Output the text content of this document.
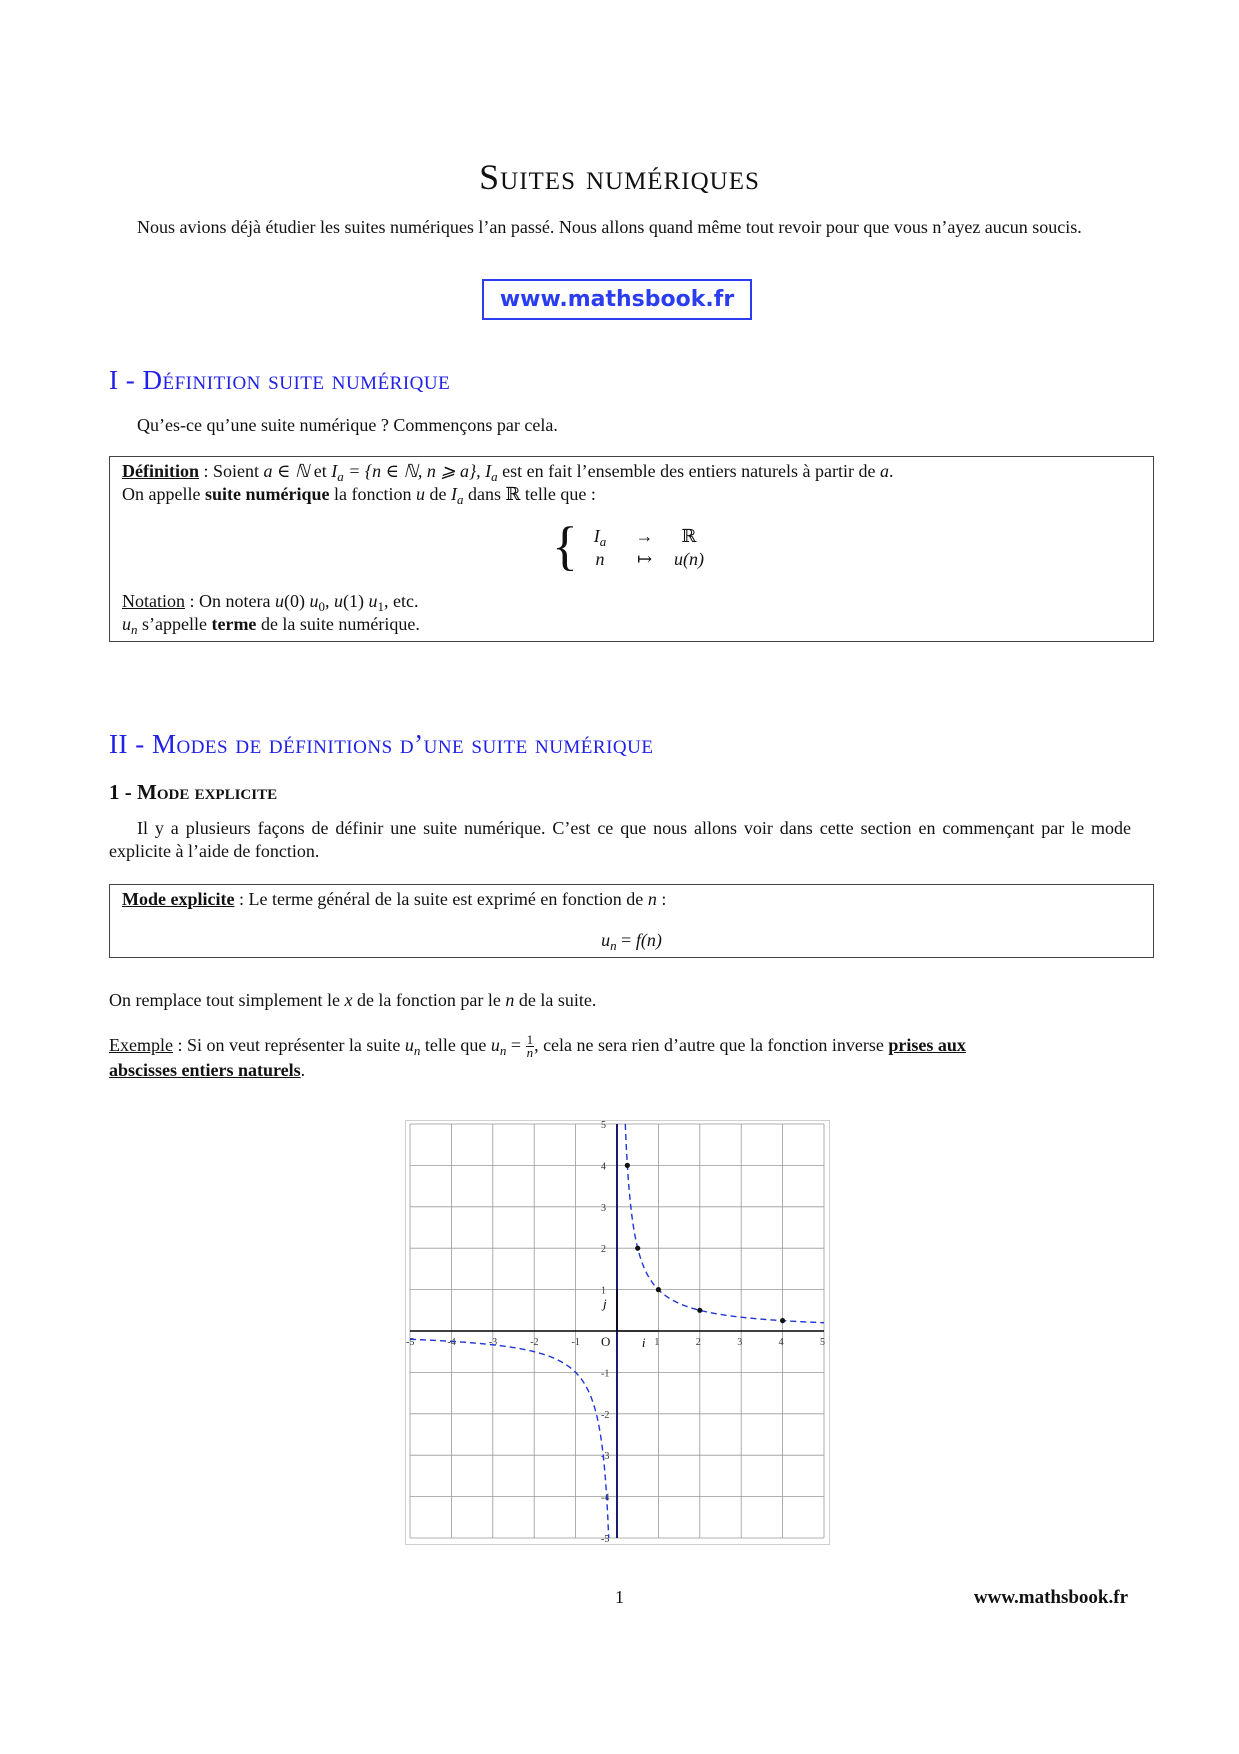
Suites numériques
Nous avions déjà étudier les suites numériques l’an passé. Nous allons quand même tout revoir pour que vous n’ayez aucun soucis.
www.mathsbook.fr
I - Définition suite numérique
Qu’es-ce qu’une suite numérique ? Commençons par cela.
Définition : Soient a ∈ ℕ et $I_a = \{n$ ∈ ℕ, n ⩾ a}, $I_a$ est en fait l’ensemble des entiers naturels à partir de a.
On appelle suite numérique la fonction u de $I_a$ dans ℝ telle que :
{ $I_a$ → ℝ
n ↦ u(n)
Notation : On notera u(0) $u_0$, u(1) $u_1$, etc.
$u_n$ s’appelle terme de la suite numérique.
II - Modes de définitions d’une suite numérique
1 - Mode explicite
Il y a plusieurs façons de définir une suite numérique. C’est ce que nous allons voir dans cette section en commençant par le mode explicite à l’aide de fonction.
Mode explicite : Le terme général de la suite est exprimé en fonction de n :
$u_n = f(n)$
On remplace tout simplement le x de la fonction par le n de la suite.
Exemple : Si on veut représenter la suite $u_n$ telle que $u_n = \frac{1}{n}$ , cela ne sera rien d’autre que la fonction inverse prises aux
abscisses entiers naturels.
-5	-4	-3	-2	-1	1	2	3	4	5
-5
-4
-3
-2
-1
1
2
3
4
5
O i
j
1	www.mathsbook.fr
